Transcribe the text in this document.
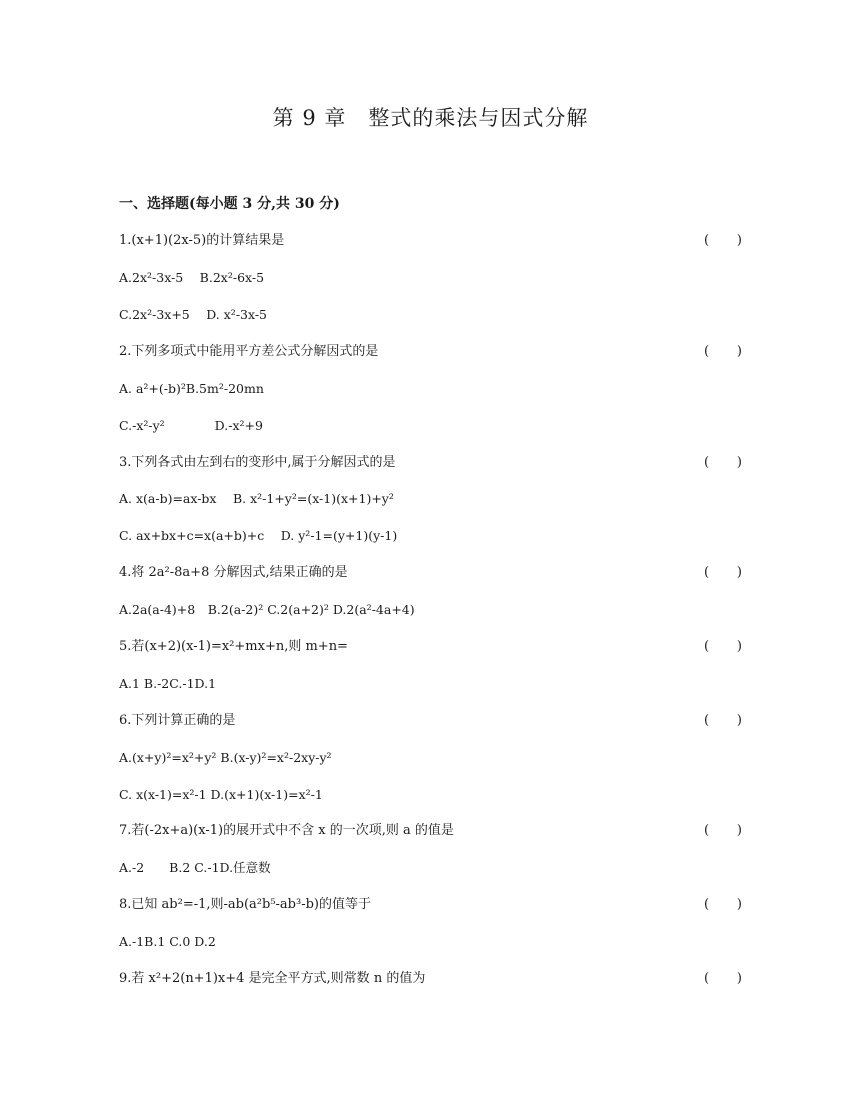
第 9 章　整式的乘法与因式分解
一、选择题(每小题 3 分,共 30 分)
1.(x+1)(2x-5)的计算结果是	( )
A.2x²-3x-5　 B.2x²-6x-5
C.2x²-3x+5　 D. x²-3x-5
2.下列多项式中能用平方差公式分解因式的是	( )
A. a²+(-b)²B.5m²-20mn
C.-x²-y²　　　　D.-x²+9
3.下列各式由左到右的变形中,属于分解因式的是	( )
A. x(a-b)=ax-bx　 B. x²-1+y²=(x-1)(x+1)+y²
C. ax+bx+c=x(a+b)+c　 D. y²-1=(y+1)(y-1)
4.将 2a²-8a+8 分解因式,结果正确的是	( )
A.2a(a-4)+8　B.2(a-2)² C.2(a+2)² D.2(a²-4a+4)
5.若(x+2)(x-1)=x²+mx+n,则 m+n=	( )
A.1 B.-2C.-1D.1
6.下列计算正确的是	( )
A.(x+y)²=x²+y² B.(x-y)²=x²-2xy-y²
C. x(x-1)=x²-1 D.(x+1)(x-1)=x²-1
7.若(-2x+a)(x-1)的展开式中不含 x 的一次项,则 a 的值是	( )
A.-2　　B.2 C.-1D.任意数
8.已知 ab²=-1,则-ab(a²b⁵-ab³-b)的值等于	( )
A.-1B.1 C.0 D.2
9.若 x²+2(n+1)x+4 是完全平方式,则常数 n 的值为	( )
